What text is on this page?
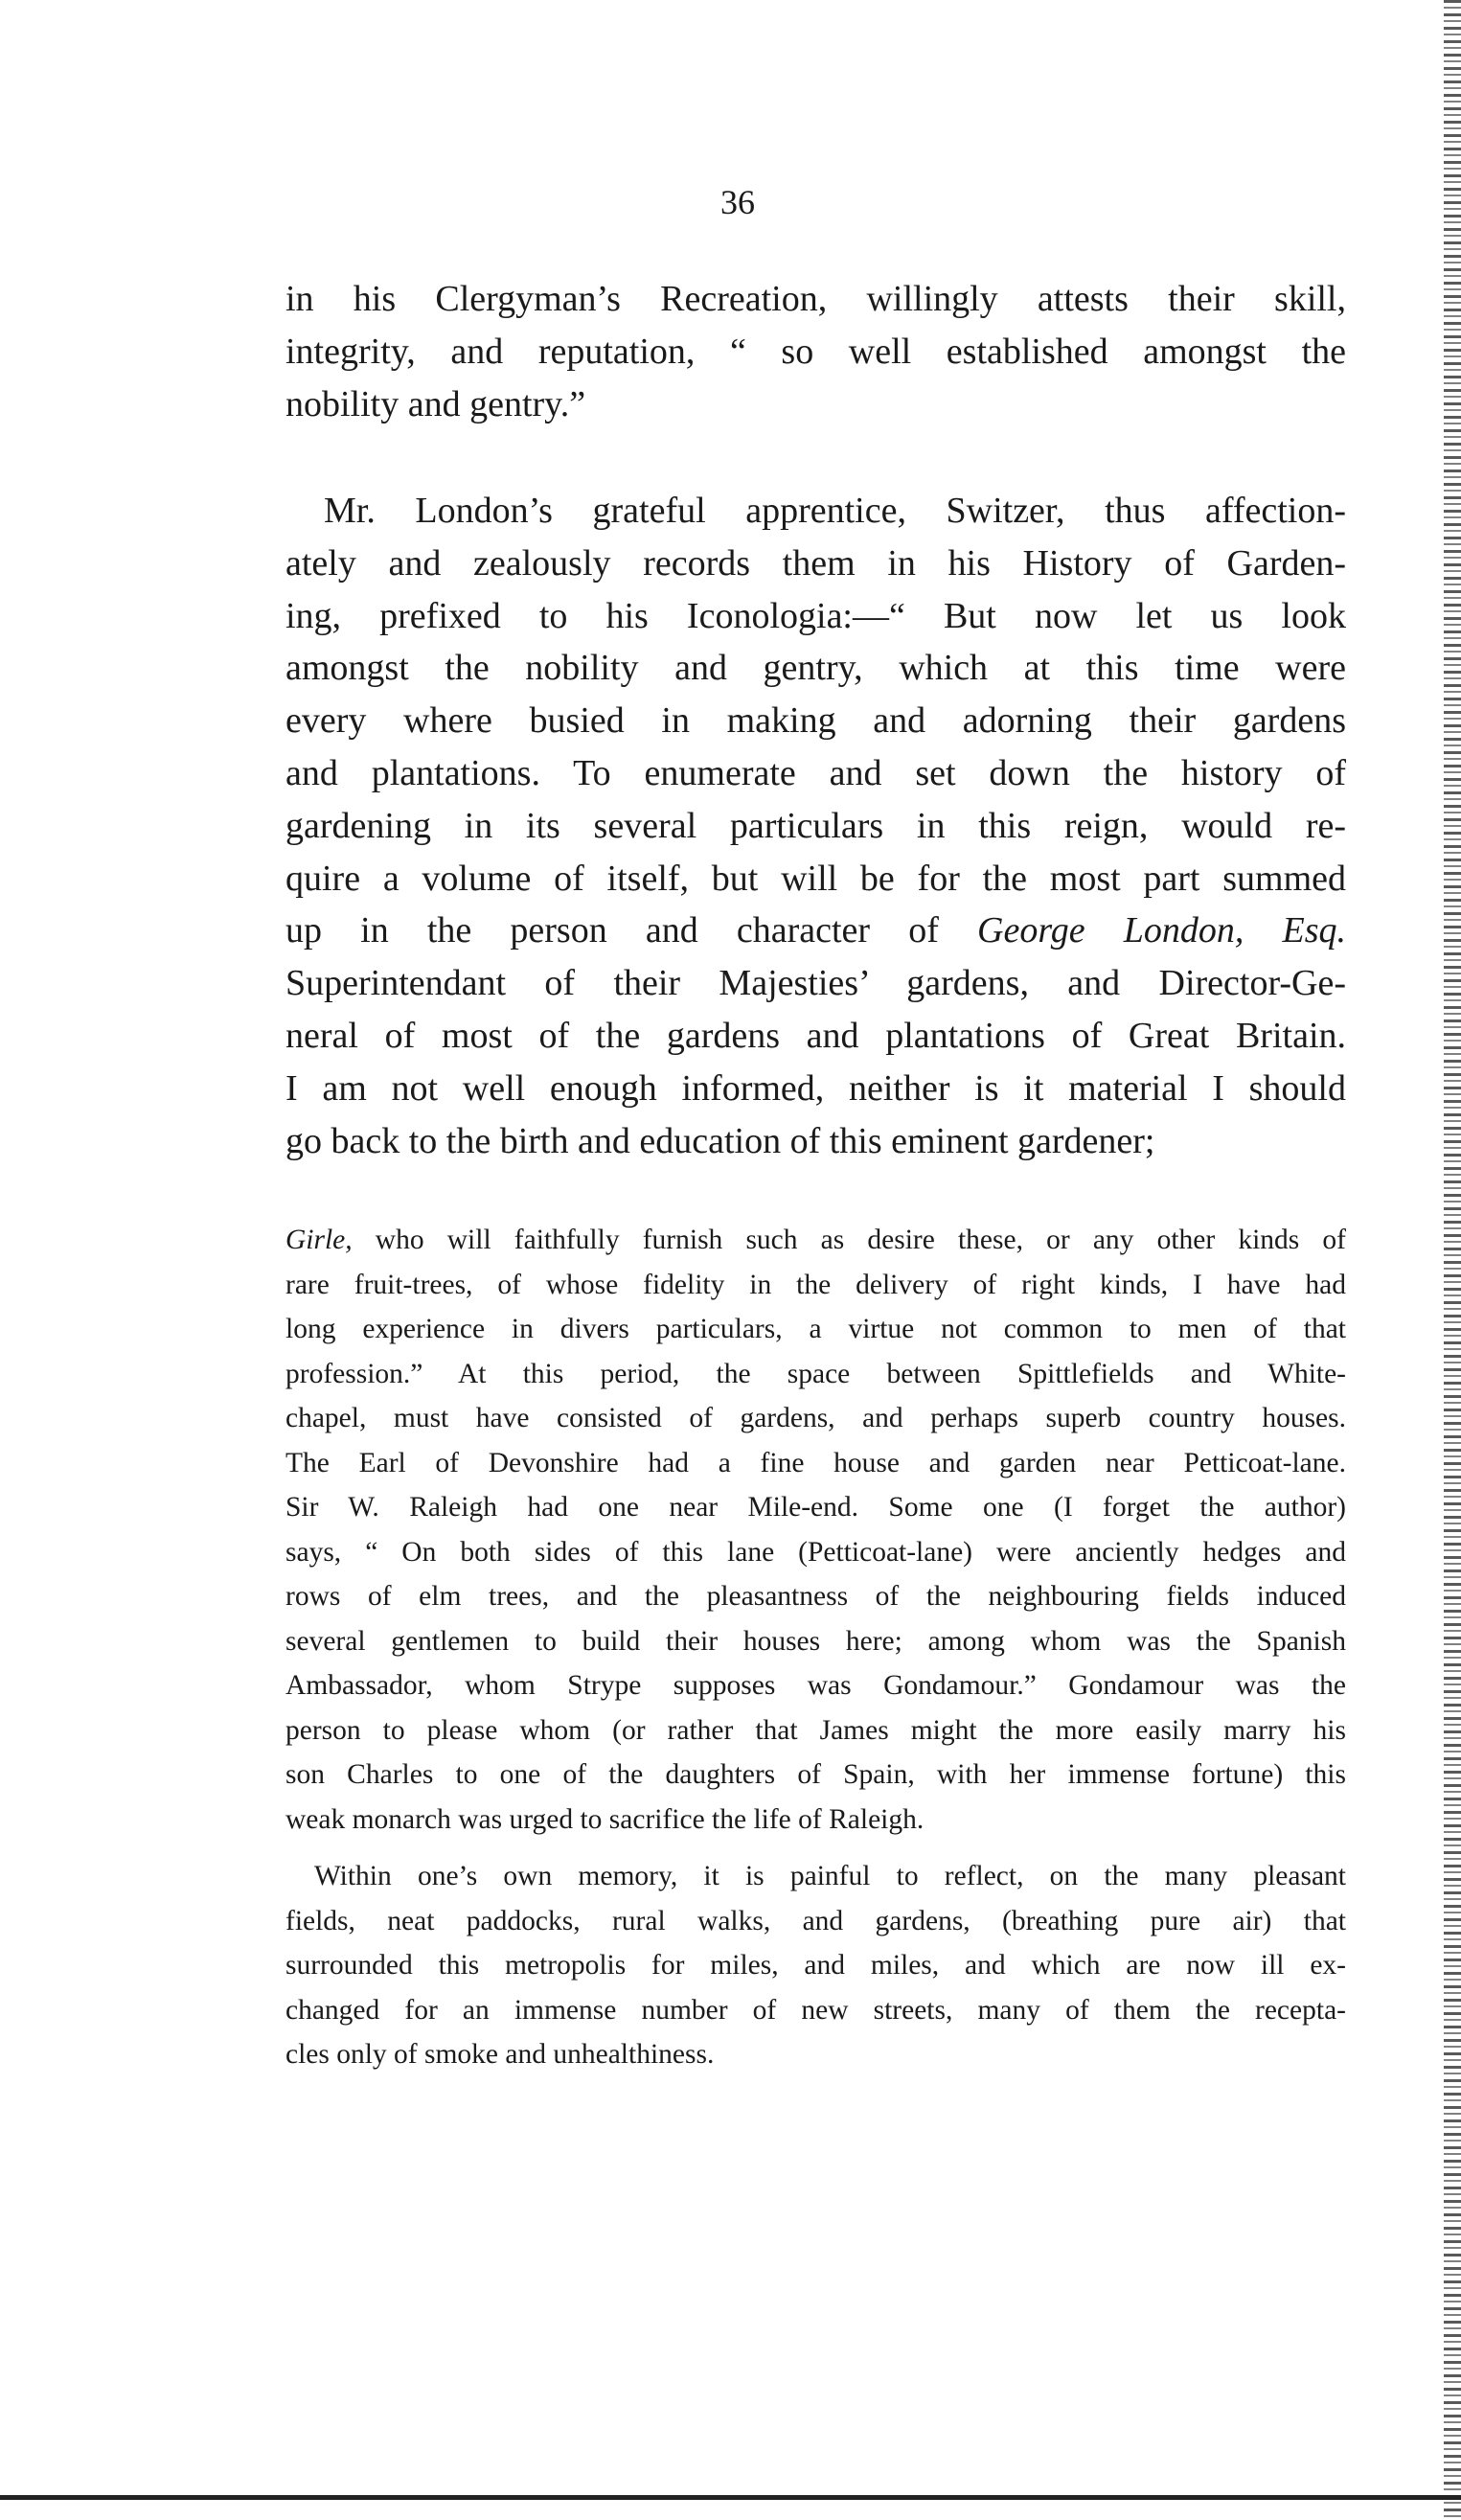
36
in his Clergyman’s Recreation, willingly attests their skill,
integrity, and reputation, “ so well established amongst the
nobility and gentry.”
Mr. London’s grateful apprentice, Switzer, thus affection-
ately and zealously records them in his History of Garden-
ing, prefixed to his Iconologia:—“ But now let us look
amongst the nobility and gentry, which at this time were
every where busied in making and adorning their gardens
and plantations. To enumerate and set down the history of
gardening in its several particulars in this reign, would re-
quire a volume of itself, but will be for the most part summed
up in the person and character of George London, Esq.
Superintendant of their Majesties’ gardens, and Director-Ge-
neral of most of the gardens and plantations of Great Britain.
I am not well enough informed, neither is it material I should
go back to the birth and education of this eminent gardener;
Girle, who will faithfully furnish such as desire these, or any other kinds of
rare fruit-trees, of whose fidelity in the delivery of right kinds, I have had
long experience in divers particulars, a virtue not common to men of that
profession.” At this period, the space between Spittlefields and White-
chapel, must have consisted of gardens, and perhaps superb country houses.
The Earl of Devonshire had a fine house and garden near Petticoat-lane.
Sir W. Raleigh had one near Mile-end. Some one (I forget the author)
says, “ On both sides of this lane (Petticoat-lane) were anciently hedges and
rows of elm trees, and the pleasantness of the neighbouring fields induced
several gentlemen to build their houses here; among whom was the Spanish
Ambassador, whom Strype supposes was Gondamour.” Gondamour was the
person to please whom (or rather that James might the more easily marry his
son Charles to one of the daughters of Spain, with her immense fortune) this
weak monarch was urged to sacrifice the life of Raleigh.
Within one’s own memory, it is painful to reflect, on the many pleasant
fields, neat paddocks, rural walks, and gardens, (breathing pure air) that
surrounded this metropolis for miles, and miles, and which are now ill ex-
changed for an immense number of new streets, many of them the recepta-
cles only of smoke and unhealthiness.
